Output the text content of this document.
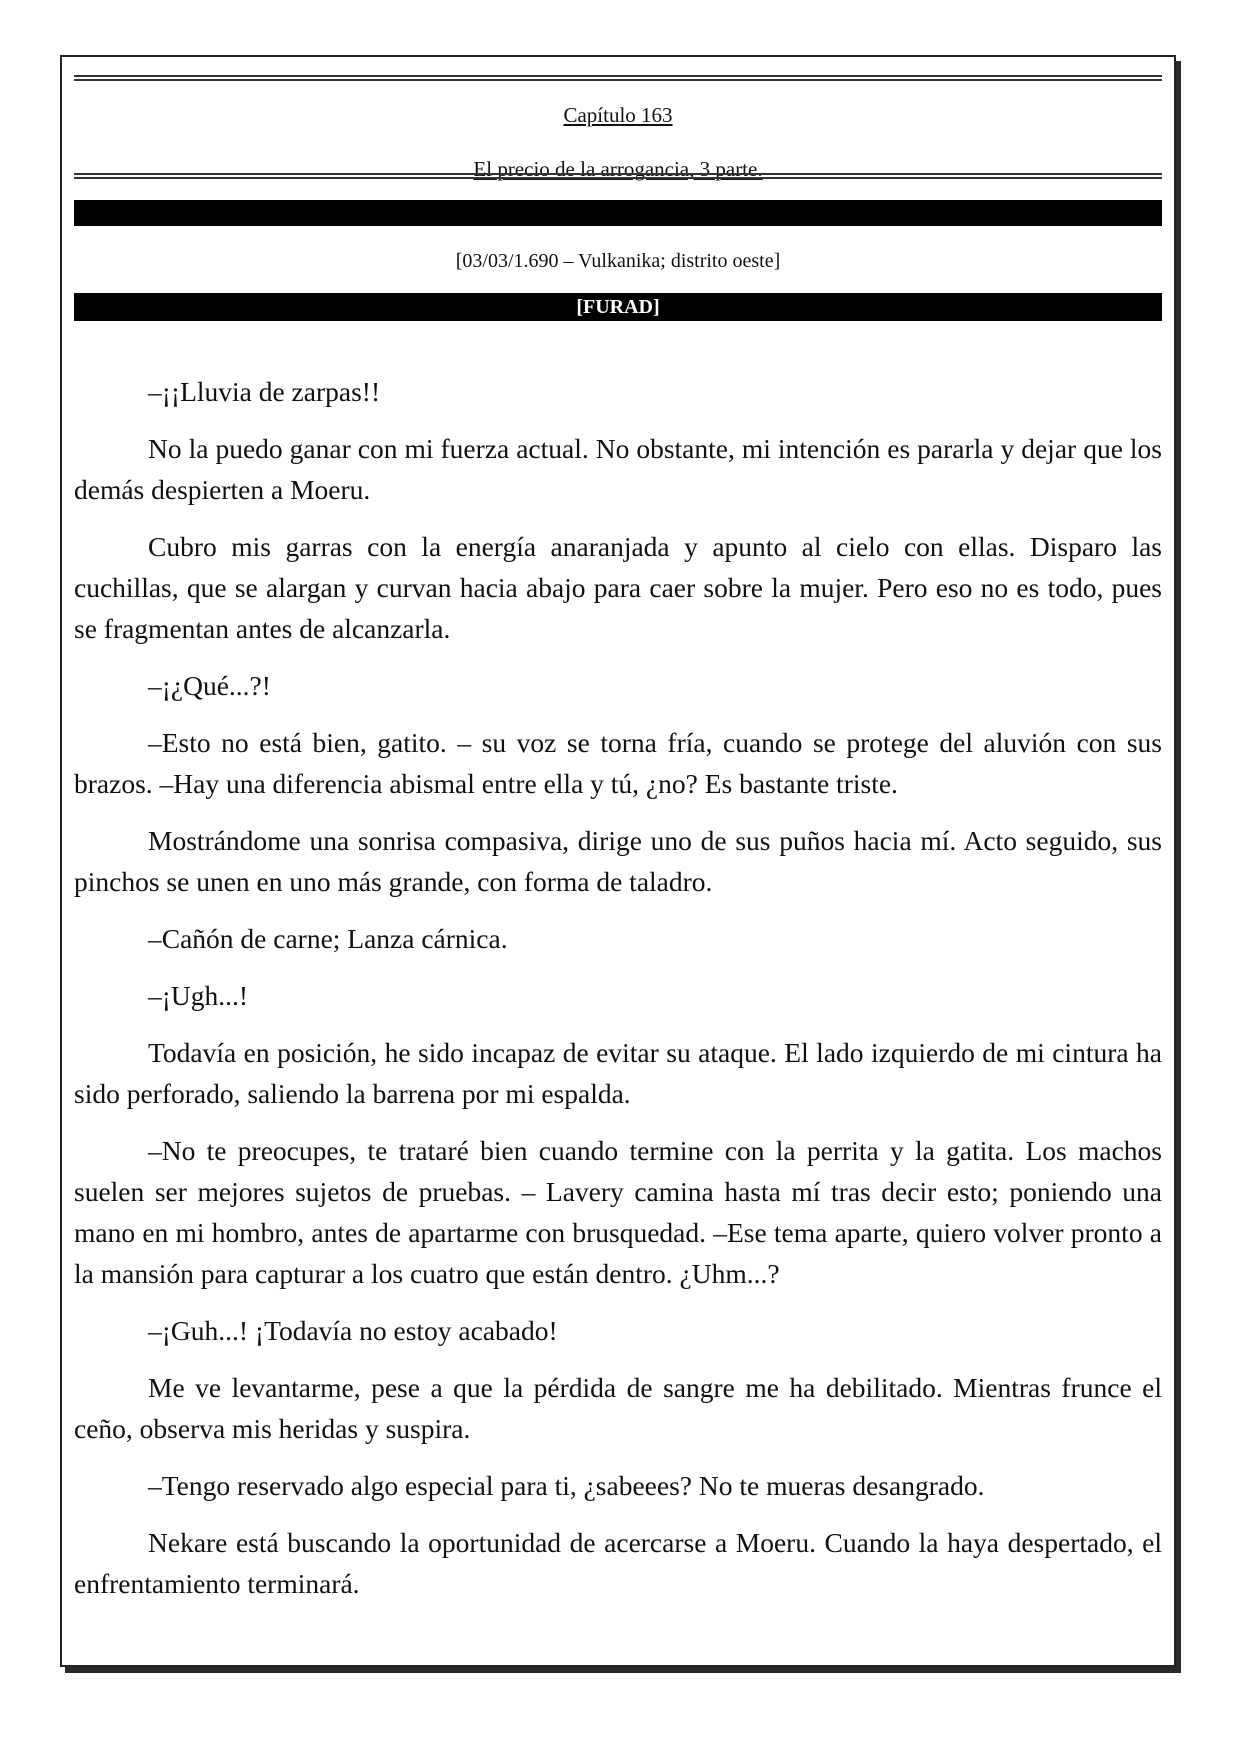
Capítulo 163
El precio de la arrogancia, 3 parte.
[03/03/1.690 – Vulkanika; distrito oeste]
[FURAD]

–¡¡Lluvia de zarpas!!

No la puedo ganar con mi fuerza actual. No obstante, mi intención es pararla y dejar que los demás despierten a Moeru.

Cubro mis garras con la energía anaranjada y apunto al cielo con ellas. Disparo las cuchillas, que se alargan y curvan hacia abajo para caer sobre la mujer. Pero eso no es todo, pues se fragmentan antes de alcanzarla.

–¡¿Qué...?!

–Esto no está bien, gatito. – su voz se torna fría, cuando se protege del aluvión con sus brazos. –Hay una diferencia abismal entre ella y tú, ¿no? Es bastante triste.

Mostrándome una sonrisa compasiva, dirige uno de sus puños hacia mí. Acto seguido, sus pinchos se unen en uno más grande, con forma de taladro.

–Cañón de carne; Lanza cárnica.

–¡Ugh...!

Todavía en posición, he sido incapaz de evitar su ataque. El lado izquierdo de mi cintura ha sido perforado, saliendo la barrena por mi espalda.

–No te preocupes, te trataré bien cuando termine con la perrita y la gatita. Los machos suelen ser mejores sujetos de pruebas. – Lavery camina hasta mí tras decir esto; poniendo una mano en mi hombro, antes de apartarme con brusquedad. –Ese tema aparte, quiero volver pronto a la mansión para capturar a los cuatro que están dentro. ¿Uhm...?

–¡Guh...! ¡Todavía no estoy acabado!

Me ve levantarme, pese a que la pérdida de sangre me ha debilitado. Mientras frunce el ceño, observa mis heridas y suspira.

–Tengo reservado algo especial para ti, ¿sabeees? No te mueras desangrado.

Nekare está buscando la oportunidad de acercarse a Moeru. Cuando la haya despertado, el enfrentamiento terminará.
